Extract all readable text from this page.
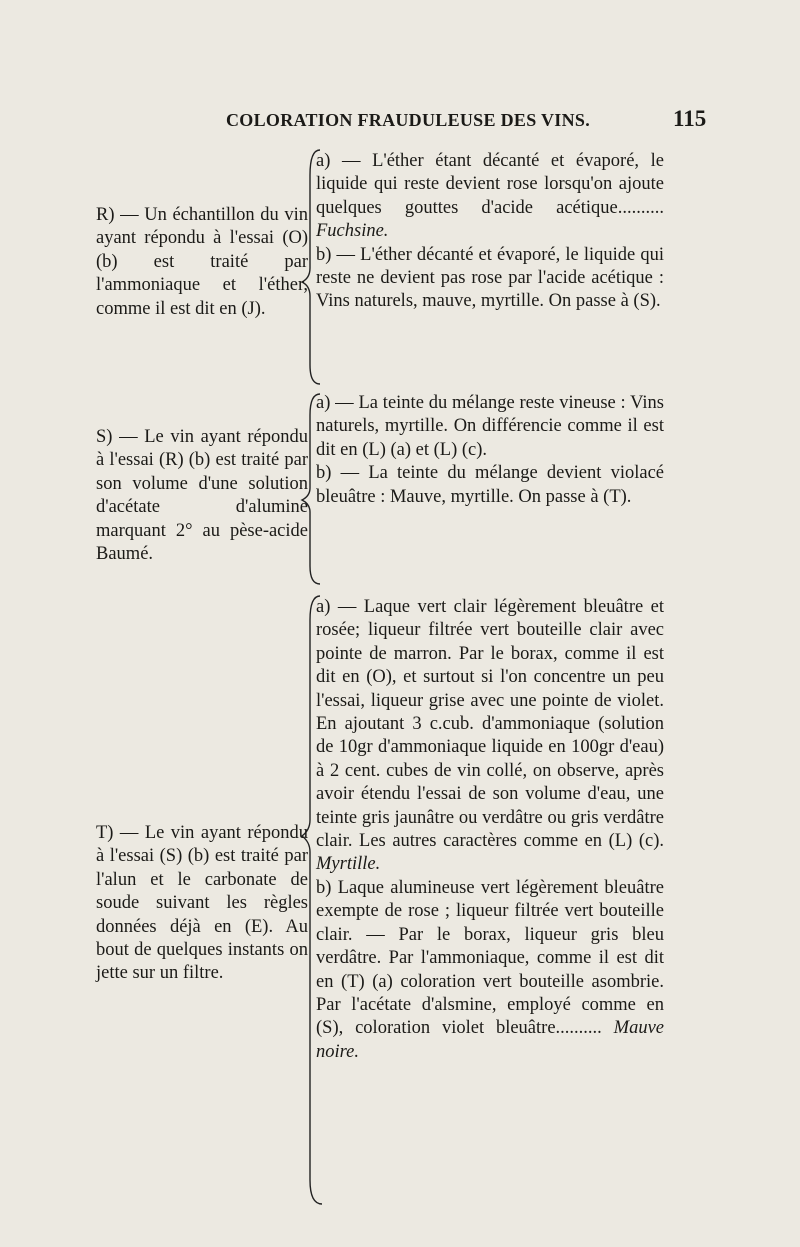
COLORATION FRAUDULEUSE DES VINS.	115

R) — Un échantillon du vin ayant répondu à l'essai (O) (b) est traité par l'ammoniaque et l'éther, comme il est dit en (J).

a) — L'éther étant décanté et évaporé, le liquide qui reste devient rose lorsqu'on ajoute quelques gouttes d'acide acétique.......... Fuchsine.

b) — L'éther décanté et évaporé, le liquide qui reste ne devient pas rose par l'acide acétique : Vins naturels, mauve, myrtille. On passe à (S).

S) — Le vin ayant répondu à l'essai (R) (b) est traité par son volume d'une solution d'acétate d'alumine marquant 2° au pèse-acide Baumé.

a) — La teinte du mélange reste vineuse : Vins naturels, myrtille. On différencie comme il est dit en (L) (a) et (L) (c).

b) — La teinte du mélange devient violacé bleuâtre : Mauve, myrtille. On passe à (T).

T) — Le vin ayant répondu à l'essai (S) (b) est traité par l'alun et le carbonate de soude suivant les règles données déjà en (E). Au bout de quelques instants on jette sur un filtre.

a) — Laque vert clair légèrement bleuâtre et rosée; liqueur filtrée vert bouteille clair avec pointe de marron. Par le borax, comme il est dit en (O), et surtout si l'on concentre un peu l'essai, liqueur grise avec une pointe de violet. En ajoutant 3 c.cub. d'ammoniaque (solution de 10gr d'ammoniaque liquide en 100gr d'eau) à 2 cent. cubes de vin collé, on observe, après avoir étendu l'essai de son volume d'eau, une teinte gris jaunâtre ou verdâtre ou gris verdâtre clair. Les autres caractères comme en (L) (c). Myrtille.

b) Laque alumineuse vert légèrement bleuâtre exempte de rose ; liqueur filtrée vert bouteille clair. — Par le borax, liqueur gris bleu verdâtre. Par l'ammoniaque, comme il est dit en (T) (a) coloration vert bouteille asombrie. Par l'acétate d'alsmine, employé comme en (S), coloration violet bleuâtre.......... Mauve noire.
